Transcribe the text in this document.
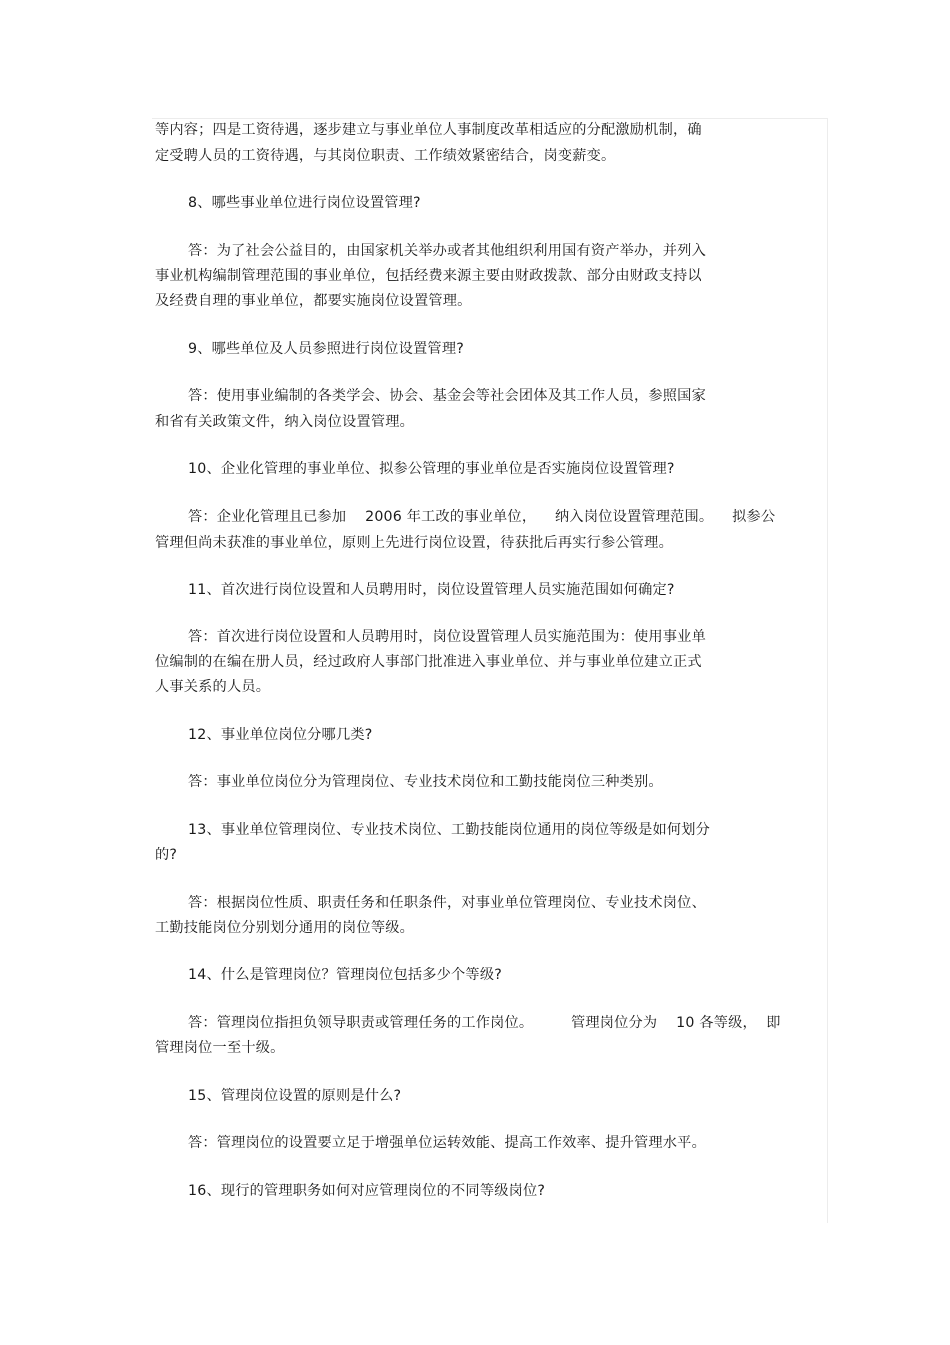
等内容；四是工资待遇，逐步建立与事业单位人事制度改革相适应的分配激励机制，确
定受聘人员的工资待遇，与其岗位职责、工作绩效紧密结合，岗变薪变。
8、哪些事业单位进行岗位设置管理?
答：为了社会公益目的，由国家机关举办或者其他组织利用国有资产举办，并列入
事业机构编制管理范围的事业单位，包括经费来源主要由财政拨款、部分由财政支持以
及经费自理的事业单位，都要实施岗位设置管理。
9、哪些单位及人员参照进行岗位设置管理?
答：使用事业编制的各类学会、协会、基金会等社会团体及其工作人员，参照国家
和省有关政策文件，纳入岗位设置管理。
10、企业化管理的事业单位、拟参公管理的事业单位是否实施岗位设置管理?
答：企业化管理且已参加    2006 年工改的事业单位，    纳入岗位设置管理范围。    拟参公
管理但尚未获准的事业单位，原则上先进行岗位设置，待获批后再实行参公管理。
11、首次进行岗位设置和人员聘用时，岗位设置管理人员实施范围如何确定?
答：首次进行岗位设置和人员聘用时，岗位设置管理人员实施范围为：使用事业单
位编制的在编在册人员，经过政府人事部门批准进入事业单位、并与事业单位建立正式
人事关系的人员。
12、事业单位岗位分哪几类?
答：事业单位岗位分为管理岗位、专业技术岗位和工勤技能岗位三种类别。
13、事业单位管理岗位、专业技术岗位、工勤技能岗位通用的岗位等级是如何划分
的?
答：根据岗位性质、职责任务和任职条件，对事业单位管理岗位、专业技术岗位、
工勤技能岗位分别划分通用的岗位等级。
14、什么是管理岗位？管理岗位包括多少个等级?
答：管理岗位指担负领导职责或管理任务的工作岗位。        管理岗位分为    10 各等级，  即
管理岗位一至十级。
15、管理岗位设置的原则是什么?
答：管理岗位的设置要立足于增强单位运转效能、提高工作效率、提升管理水平。
16、现行的管理职务如何对应管理岗位的不同等级岗位?
